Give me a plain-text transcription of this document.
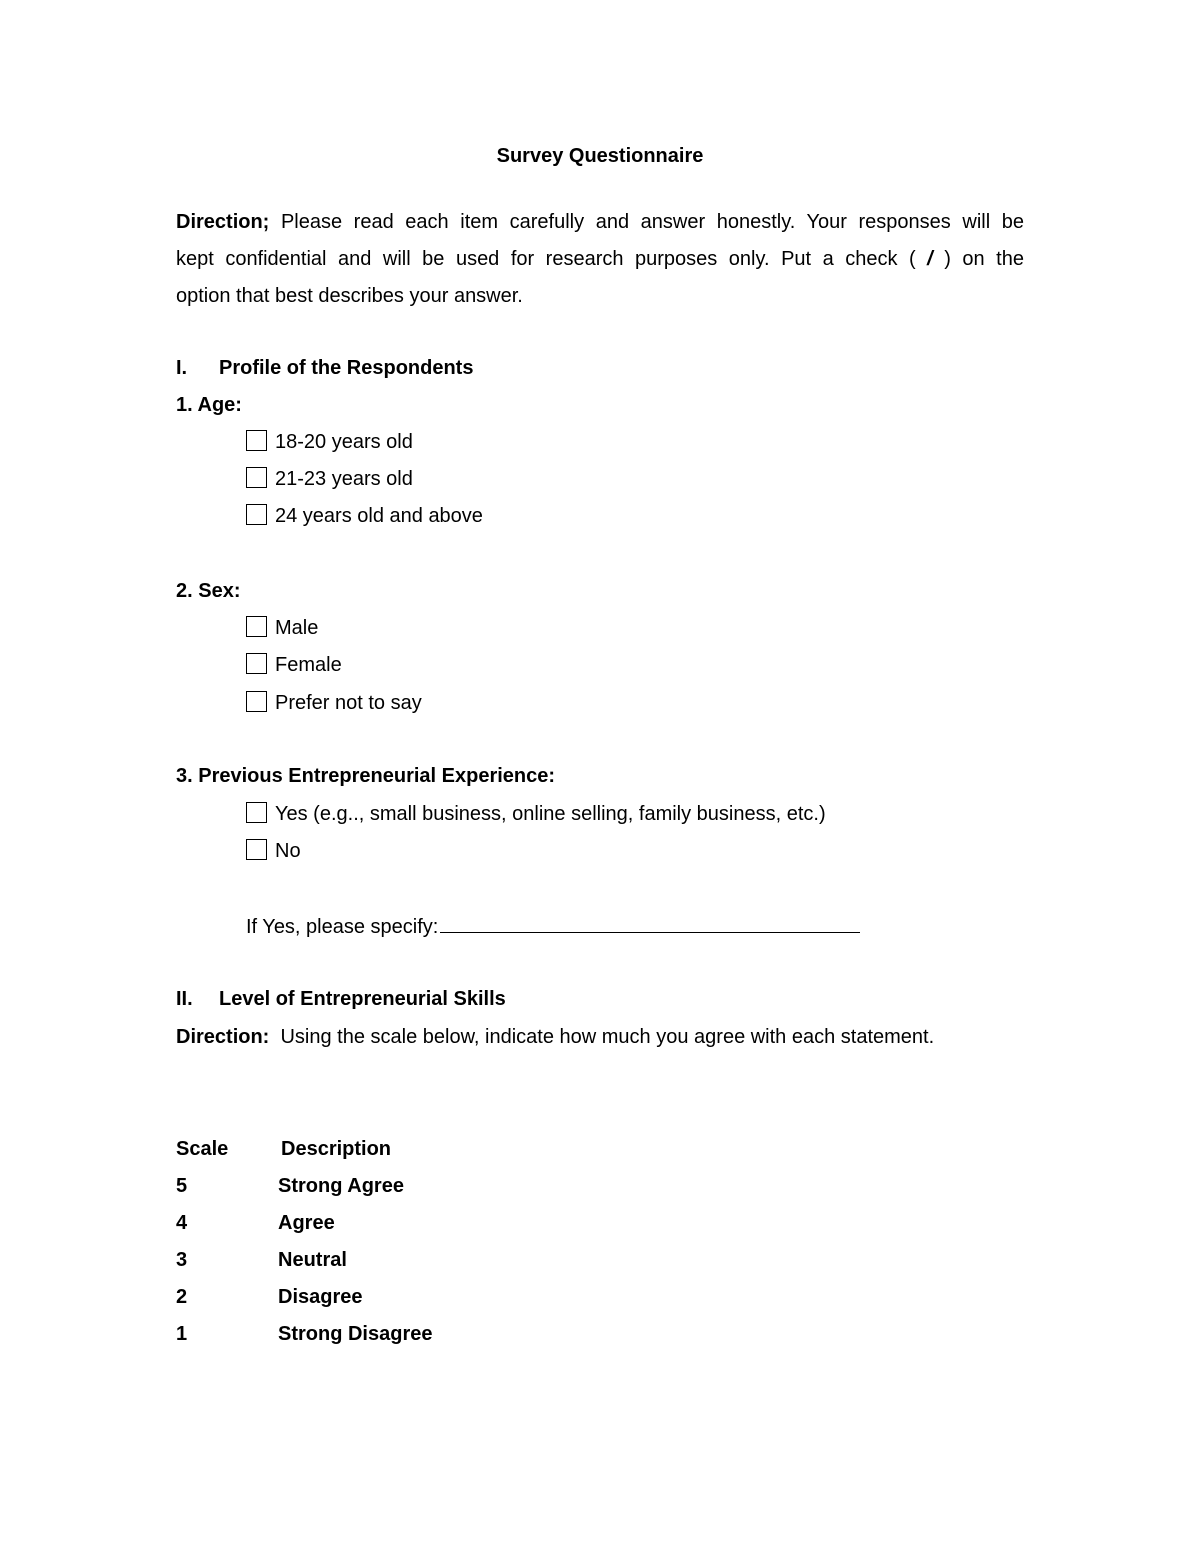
Survey Questionnaire
Direction; Please read each item carefully and answer honestly. Your responses will be
kept confidential and will be used for research purposes only. Put a check ( / ) on the
option that best describes your answer.
I. Profile of the Respondents
1. Age:
18-20 years old
21-23 years old
24 years old and above
2. Sex:
Male
Female
Prefer not to say
3. Previous Entrepreneurial Experience:
Yes (e.g.., small business, online selling, family business, etc.)
No
If Yes, please specify:
II. Level of Entrepreneurial Skills
Direction: Using the scale below, indicate how much you agree with each statement.
Scale	Description
5	Strong Agree
4	Agree
3	Neutral
2	Disagree
1	Strong Disagree
